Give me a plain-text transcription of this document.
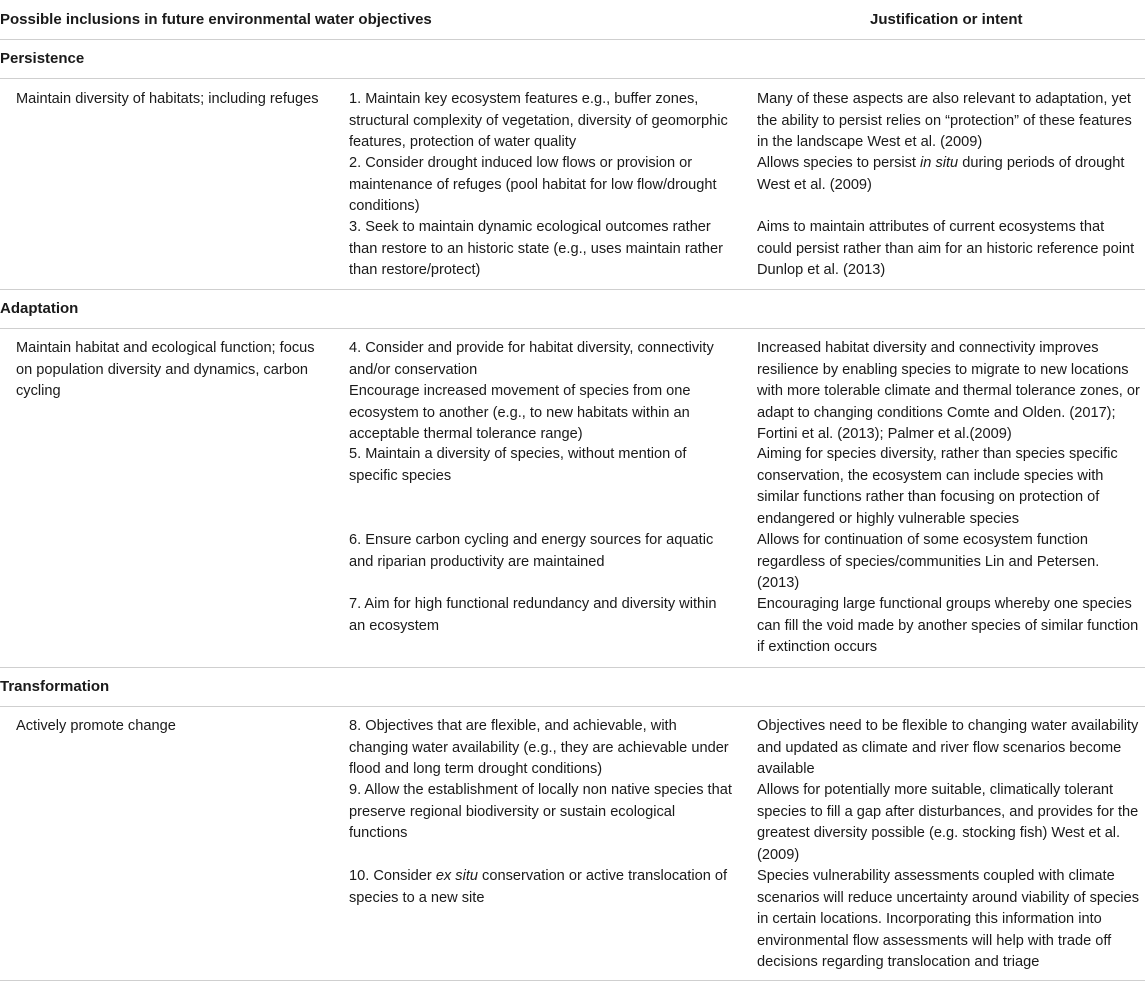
Possible inclusions in future environmental water objectives	Justification or intent
Persistence
Maintain diversity of habitats; including refuges 1. Maintain key ecosystem features e.g., buffer zones,
structural complexity of vegetation, diversity of geomorphic
features, protection of water quality
2. Consider drought induced low flows or provision or
maintenance of refuges (pool habitat for low flow/drought
conditions)
3. Seek to maintain dynamic ecological outcomes rather
than restore to an historic state (e.g., uses maintain rather
than restore/protect)
Many of these aspects are also relevant to adaptation, yet
the ability to persist relies on “protection” of these features
in the landscape West et al. (2009)
Allows species to persist in situ during periods of drought
West et al. (2009)
Aims to maintain attributes of current ecosystems that
could persist rather than aim for an historic reference point
Dunlop et al. (2013)
Adaptation
Maintain habitat and ecological function; focus
on population diversity and dynamics, carbon
cycling
4. Consider and provide for habitat diversity, connectivity
and/or conservation
Encourage increased movement of species from one
ecosystem to another (e.g., to new habitats within an
acceptable thermal tolerance range)
5. Maintain a diversity of species, without mention of
specific species
6. Ensure carbon cycling and energy sources for aquatic
and riparian productivity are maintained
7. Aim for high functional redundancy and diversity within
an ecosystem
Increased habitat diversity and connectivity improves
resilience by enabling species to migrate to new locations
with more tolerable climate and thermal tolerance zones, or
adapt to changing conditions Comte and Olden. (2017);
Fortini et al. (2013); Palmer et al.(2009)
Aiming for species diversity, rather than species specific
conservation, the ecosystem can include species with
similar functions rather than focusing on protection of
endangered or highly vulnerable species
Allows for continuation of some ecosystem function
regardless of species/communities Lin and Petersen.
(2013)
Encouraging large functional groups whereby one species
can fill the void made by another species of similar function
if extinction occurs
Transformation
Actively promote change	8. Objectives that are flexible, and achievable, with
changing water availability (e.g., they are achievable under
flood and long term drought conditions)
9. Allow the establishment of locally non native species that
preserve regional biodiversity or sustain ecological
functions
10. Consider ex situ conservation or active translocation of
species to a new site
Objectives need to be flexible to changing water availability
and updated as climate and river flow scenarios become
available
Allows for potentially more suitable, climatically tolerant
species to fill a gap after disturbances, and provides for the
greatest diversity possible (e.g. stocking fish) West et al.
(2009)
Species vulnerability assessments coupled with climate
scenarios will reduce uncertainty around viability of species
in certain locations. Incorporating this information into
environmental flow assessments will help with trade off
decisions regarding translocation and triage
